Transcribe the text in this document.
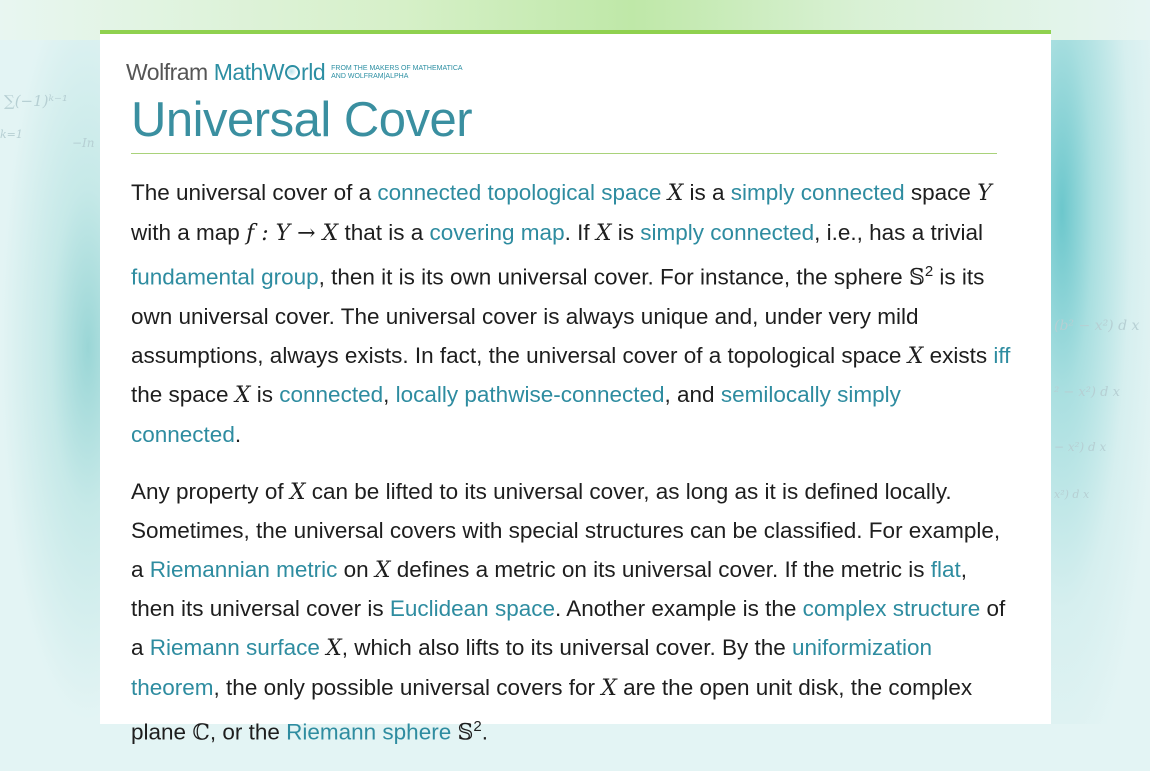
∑(−1)ᵏ⁻¹
k=1
−In
(b² − x²) d x
² − x²) d x
− x²) d x
x²) d x
Wolfram MathW rld FROM THE MAKERS OF MATHEMATICA
AND WOLFRAM|ALPHA
Universal Cover

The universal cover of a connected topological space X is a simply connected space Y with a map f : Y → X that is a covering map. If X is simply connected, i.e., has a trivial fundamental group, then it is its own universal cover. For instance, the sphere 𝕊$^2$ is its own universal cover. The universal cover is always unique and, under very mild assumptions, always exists. In fact, the universal cover of a topological space X exists iff the space X is connected, locally pathwise-connected, and semilocally simply connected.

Any property of X can be lifted to its universal cover, as long as it is defined locally. Sometimes, the universal covers with special structures can be classified. For example, a Riemannian metric on X defines a metric on its universal cover. If the metric is flat, then its universal cover is Euclidean space. Another example is the complex structure of a Riemann surface X, which also lifts to its universal cover. By the uniformization theorem, the only possible universal covers for X are the open unit disk, the complex plane ℂ, or the Riemann sphere 𝕊$^2$.
